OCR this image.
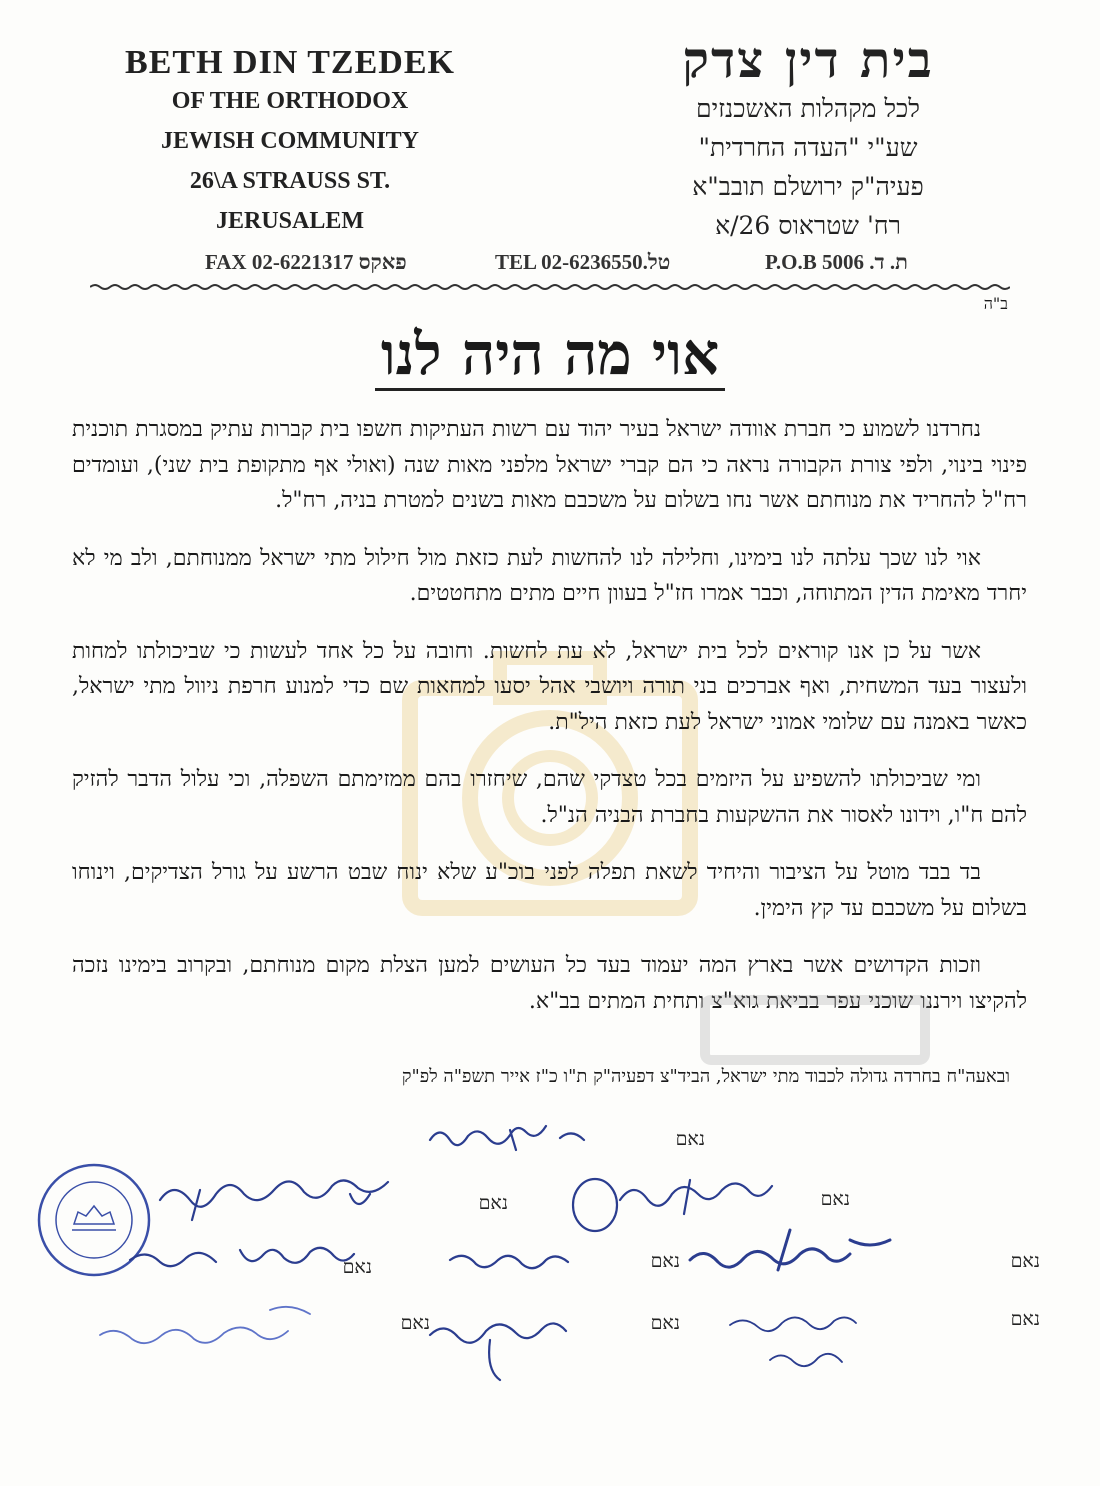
BETH DIN TZEDEK
OF THE ORTHODOX
JEWISH COMMUNITY
26\A STRAUSS ST.
JERUSALEM
בית דין צדק
לכל מקהלות האשכנזים
שע"י "העדה החרדית"
פעיה"ק ירושלם תובב"א
רח' שטראוס 26/א
FAX 02-6221317 פאקס	TEL 02-6236550.טל	P.O.B 5006 .ת. ד
ב"ה
אוי מה היה לנו

נחרדנו לשמוע כי חברת אוודה ישראל בעיר יהוד עם רשות העתיקות חשפו בית קברות עתיק במסגרת תוכנית פינוי בינוי, ולפי צורת הקבורה נראה כי הם קברי ישראל מלפני מאות שנה (ואולי אף מתקופת בית שני), ועומדים רח"ל להחריד את מנוחתם אשר נחו בשלום על משכבם מאות בשנים למטרת בניה, רח"ל.

אוי לנו שכך עלתה לנו בימינו, וחלילה לנו להחשות לעת כזאת מול חילול מתי ישראל ממנוחתם, ולב מי לא יחרד מאימת הדין המתוחה, וכבר אמרו חז"ל בעוון חיים מתים מתחטטים.

אשר על כן אנו קוראים לכל בית ישראל, לא עת לחשות. וחובה על כל אחד לעשות כי שביכולתו למחות ולעצור בעד המשחית, ואף אברכים בני תורה ויושבי אהל יסעו למחאות שם כדי למנוע חרפת ניוול מתי ישראל, כאשר באמנה עם שלומי אמוני ישראל לעת כזאת היל"ת.

ומי שביכולתו להשפיע על היזמים בכל טצדקי שהם, שיחזרו בהם ממזימתם השפלה, וכי עלול הדבר להזיק להם ח"ו, וידונו לאסור את ההשקעות בחברת הבניה הנ"ל.

בד בבד מוטל על הציבור והיחיד לשאת תפלה לפני בוכ"ע שלא ינוח שבט הרשע על גורל הצדיקים, וינוחו בשלום על משכבם עד קץ הימין.

וזכות הקדושים אשר בארץ המה יעמוד בעד כל העושים למען הצלת מקום מנוחתם, ובקרוב בימינו נזכה להקיצו וירננו שוכני עפר בביאת גוא"צ ותחית המתים בב"א.

ובאעה"ח בחרדה גדולה לכבוד מתי ישראל, הביד"צ דפעיה"ק ת"ו כ"ז אייר תשפ"ה לפ"ק
נאם
נאם
נאם
נאם
נאם
נאם
נאם
נאם
נאם
